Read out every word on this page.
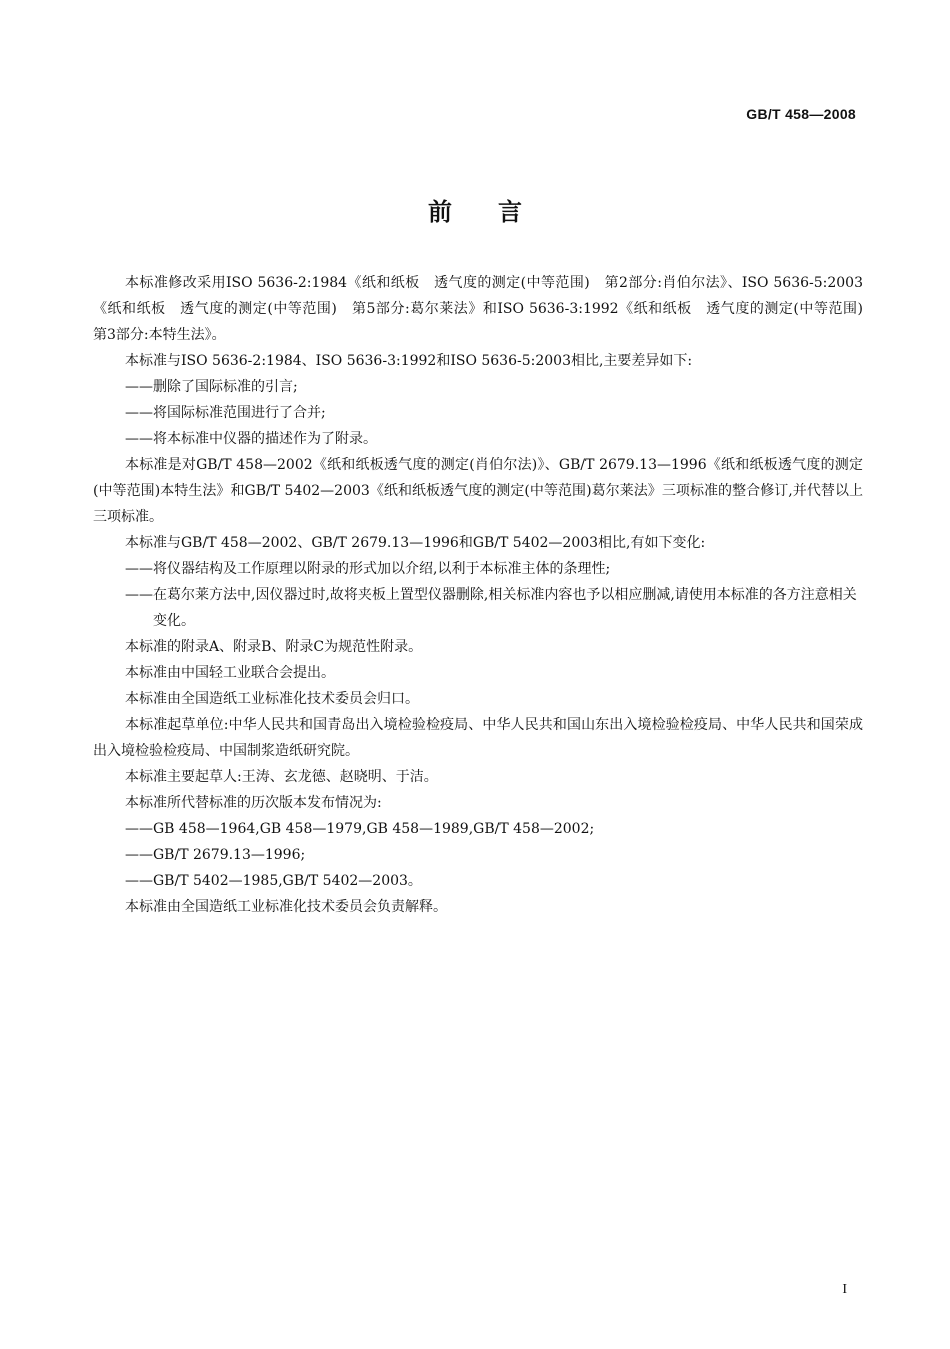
GB/T 458—2008
前言

本标准修改采用ISO 5636-2:1984《纸和纸板　透气度的测定(中等范围)　第2部分:肖伯尔法》、ISO 5636-5:2003《纸和纸板　透气度的测定(中等范围)　第5部分:葛尔莱法》和ISO 5636-3:1992《纸和纸板　透气度的测定(中等范围)　第3部分:本特生法》。

本标准与ISO 5636-2:1984、ISO 5636-3:1992和ISO 5636-5:2003相比,主要差异如下:

——删除了国际标准的引言;

——将国际标准范围进行了合并;

——将本标准中仪器的描述作为了附录。

本标准是对GB/T 458—2002《纸和纸板透气度的测定(肖伯尔法)》、GB/T 2679.13—1996《纸和纸板透气度的测定(中等范围)本特生法》和GB/T 5402—2003《纸和纸板透气度的测定(中等范围)葛尔莱法》三项标准的整合修订,并代替以上三项标准。

本标准与GB/T 458—2002、GB/T 2679.13—1996和GB/T 5402—2003相比,有如下变化:

——将仪器结构及工作原理以附录的形式加以介绍,以利于本标准主体的条理性;

——在葛尔莱方法中,因仪器过时,故将夹板上置型仪器删除,相关标准内容也予以相应删减,请使用本标准的各方注意相关变化。

本标准的附录A、附录B、附录C为规范性附录。

本标准由中国轻工业联合会提出。

本标准由全国造纸工业标准化技术委员会归口。

本标准起草单位:中华人民共和国青岛出入境检验检疫局、中华人民共和国山东出入境检验检疫局、中华人民共和国荣成出入境检验检疫局、中国制浆造纸研究院。

本标准主要起草人:王涛、玄龙德、赵晓明、于洁。

本标准所代替标准的历次版本发布情况为:

——GB 458—1964,GB 458—1979,GB 458—1989,GB/T 458—2002;

——GB/T 2679.13—1996;

——GB/T 5402—1985,GB/T 5402—2003。

本标准由全国造纸工业标准化技术委员会负责解释。

I
